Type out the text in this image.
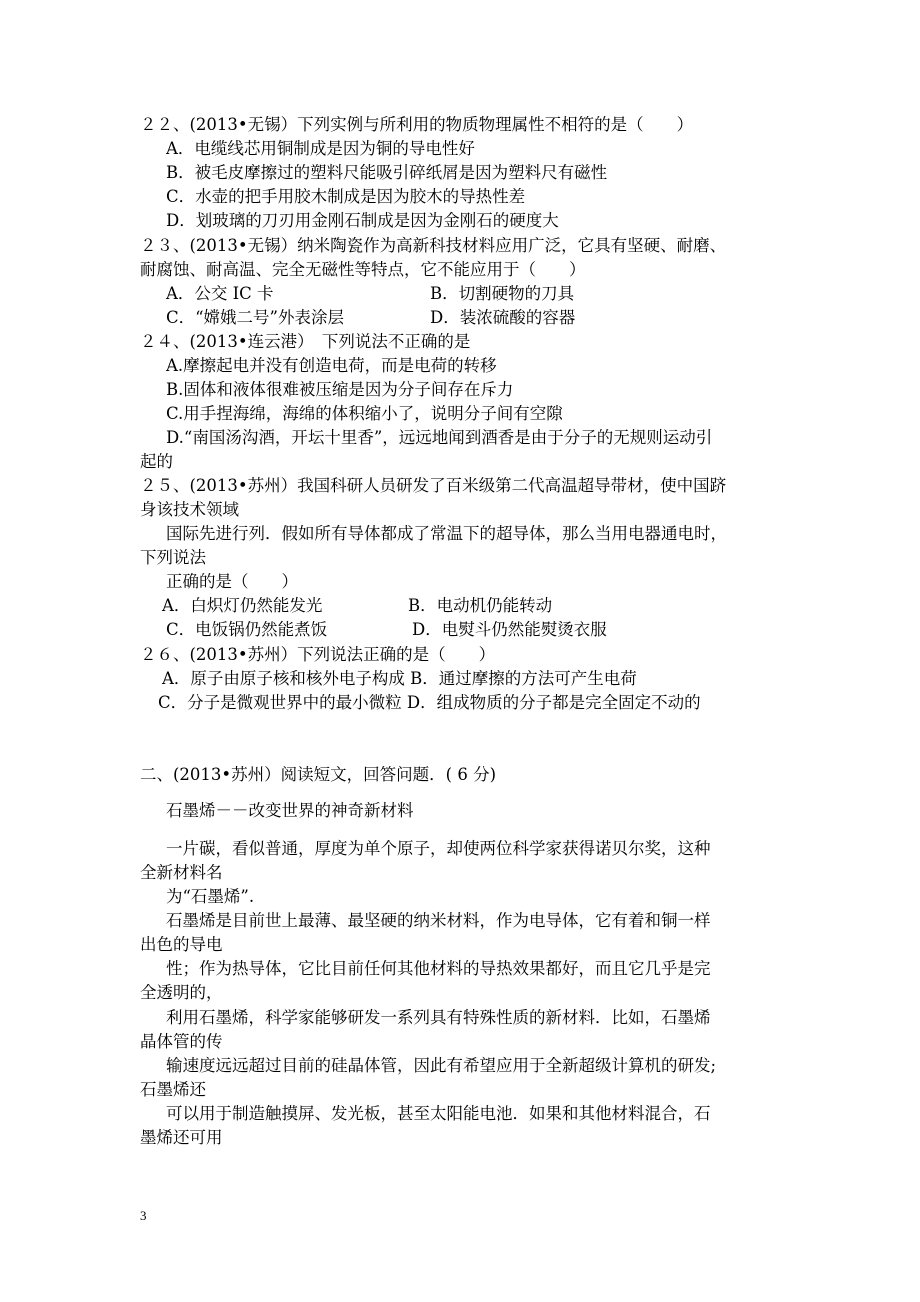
２２、(2013•无锡）下列实例与所利用的物质物理属性不相符的是（　　）
A．电缆线芯用铜制成是因为铜的导电性好
B．被毛皮摩擦过的塑料尺能吸引碎纸屑是因为塑料尺有磁性
C．水壶的把手用胶木制成是因为胶木的导热性差
D．划玻璃的刀刃用金刚石制成是因为金刚石的硬度大
２３、(2013•无锡）纳米陶瓷作为高新科技材料应用广泛，它具有坚硬、耐磨、
耐腐蚀、耐高温、完全无磁性等特点，它不能应用于（　　）
A．公交 IC 卡	B．切割硬物的刀具
C．“嫦娥二号”外表涂层	D．装浓硫酸的容器
２４、(2013•连云港）　下列说法不正确的是
A.摩擦起电并没有创造电荷，而是电荷的转移
B.固体和液体很难被压缩是因为分子间存在斥力
C.用手捏海绵，海绵的体积缩小了，说明分子间有空隙
D.“南国汤沟酒，开坛十里香”，远远地闻到酒香是由于分子的无规则运动引
起的
２５、(2013•苏州）我国科研人员研发了百米级第二代高温超导带材，使中国跻
身该技术领域
国际先进行列．假如所有导体都成了常温下的超导体，那么当用电器通电时，
下列说法
正确的是（　　）
A．白炽灯仍然能发光	B．电动机仍能转动
C．电饭锅仍然能煮饭	D．电熨斗仍然能熨烫衣服
２６、(2013•苏州）下列说法正确的是（　　）
A．原子由原子核和核外电子构成 B．通过摩擦的方法可产生电荷
C．分子是微观世界中的最小微粒 D．组成物质的分子都是完全固定不动的
二、(2013•苏州）阅读短文，回答问题．( 6 分)
石墨烯－－改变世界的神奇新材料
一片碳，看似普通，厚度为单个原子，却使两位科学家获得诺贝尔奖，这种
全新材料名
为“石墨烯”.
石墨烯是目前世上最薄、最坚硬的纳米材料，作为电导体，它有着和铜一样
出色的导电
性；作为热导体，它比目前任何其他材料的导热效果都好，而且它几乎是完
全透明的，
利用石墨烯，科学家能够研发一系列具有特殊性质的新材料．比如，石墨烯
晶体管的传
输速度远远超过目前的硅晶体管，因此有希望应用于全新超级计算机的研发;
石墨烯还
可以用于制造触摸屏、发光板，甚至太阳能电池．如果和其他材料混合，石
墨烯还可用
3
